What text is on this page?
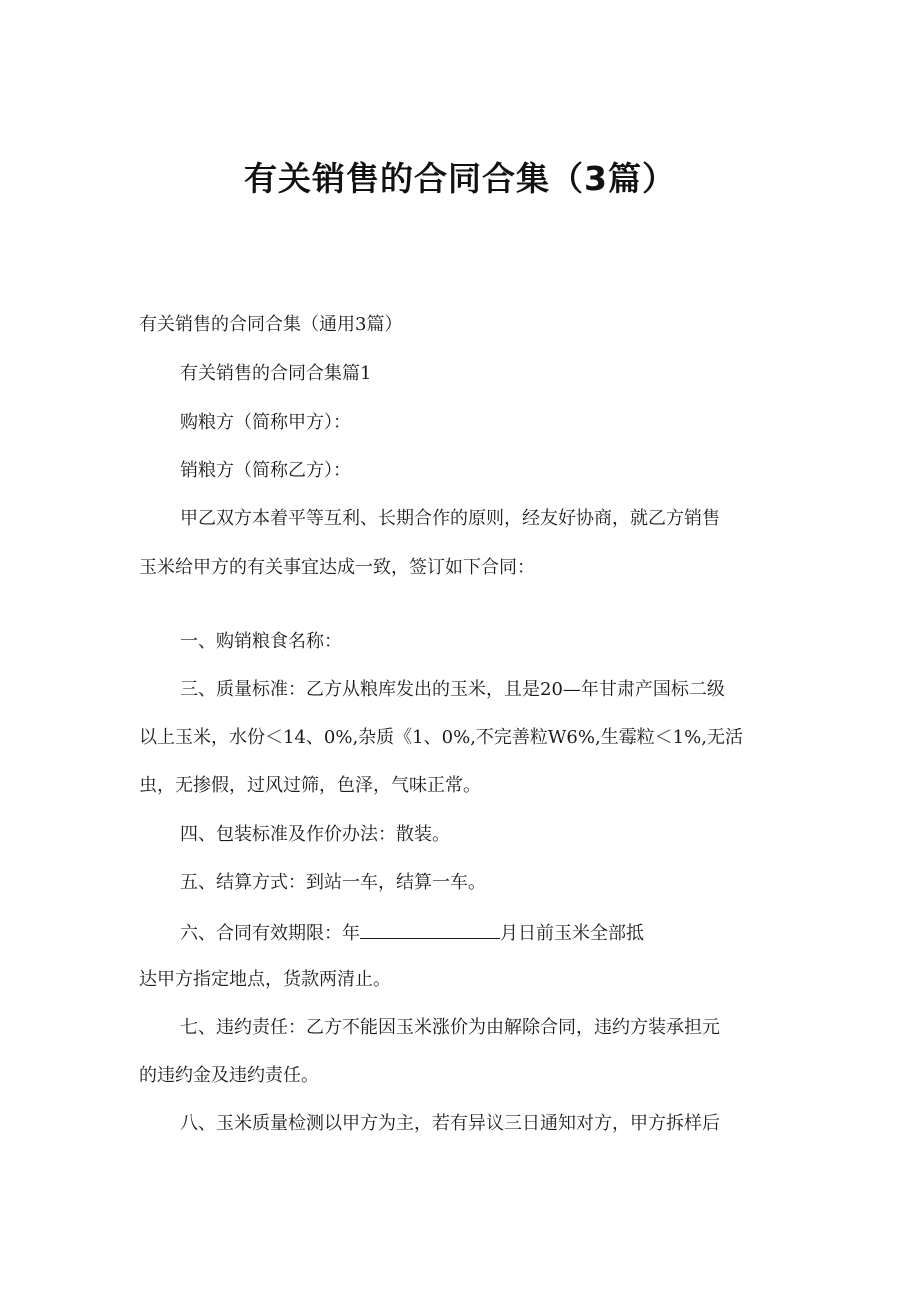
有关销售的合同合集（3篇）

有关销售的合同合集（通用3篇）

有关销售的合同合集篇1

购粮方（简称甲方）：

销粮方（简称乙方）：

甲乙双方本着平等互利、长期合作的原则，经友好协商，就乙方销售

玉米给甲方的有关事宜达成一致，签订如下合同：

一、购销粮食名称：

三、质量标准：乙方从粮库发出的玉米，且是20—年甘肃产国标二级

以上玉米，水份＜14、0%,杂质《1、0%,不完善粒W6%,生霉粒＜1%,无活

虫，无掺假，过风过筛，色泽，气味正常。

四、包装标准及作价办法：散装。

五、结算方式：到站一车，结算一车。

六、合同有效期限：年	月日前玉米全部抵

达甲方指定地点，货款两清止。

七、违约责任：乙方不能因玉米涨价为由解除合同，违约方装承担元

的违约金及违约责任。

八、玉米质量检测以甲方为主，若有异议三日通知对方，甲方拆样后
